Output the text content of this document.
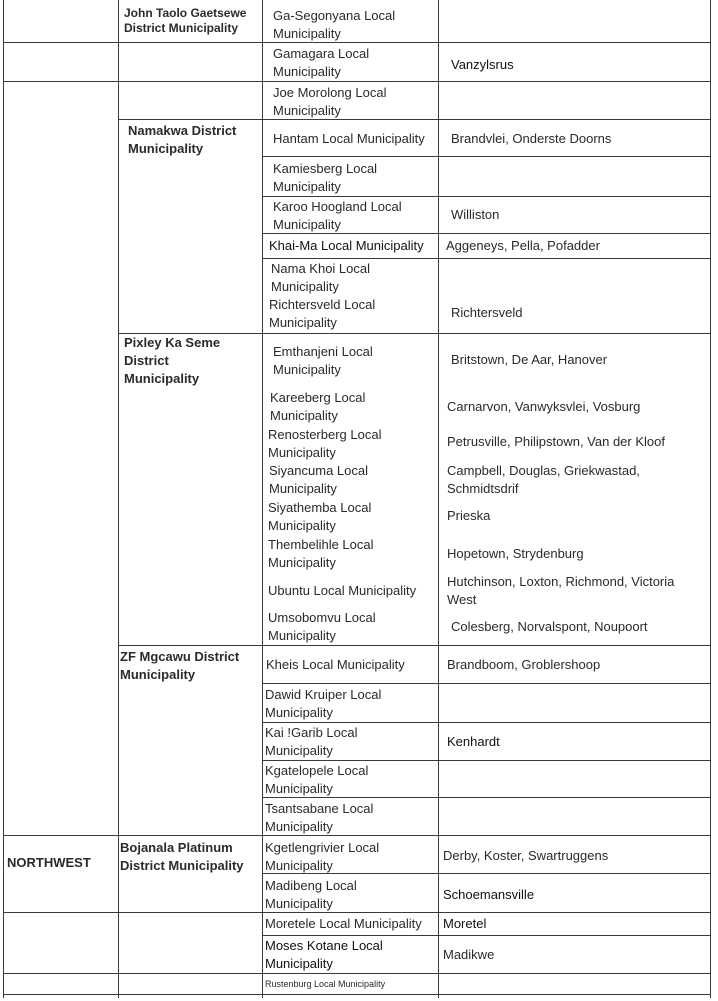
NORTHWEST
John Taolo Gaetsewe District Municipality
Namakwa District Municipality
Pixley Ka Seme District Municipality
ZF Mgcawu District Municipality
Bojanala Platinum District Municipality
Ga-Segonyana Local Municipality
Gamagara Local Municipality
Joe Morolong Local Municipality
Hantam Local Municipality
Kamiesberg Local Municipality
Karoo Hoogland Local Municipality
Khai-Ma Local Municipality
Nama Khoi Local Municipality
Richtersveld Local Municipality
Emthanjeni Local Municipality
Kareeberg Local Municipality
Renosterberg Local Municipality
Siyancuma Local Municipality
Siyathemba Local Municipality
Thembelihle Local Municipality
Ubuntu Local Municipality
Umsobomvu Local Municipality
Kheis Local Municipality
Dawid Kruiper Local Municipality
Kai !Garib Local Municipality
Kgatelopele Local Municipality
Tsantsabane Local Municipality
Kgetlengrivier Local Municipality
Madibeng Local Municipality
Moretele Local Municipality
Moses Kotane Local Municipality
Rustenburg Local Municipality
Vanzylsrus
Brandvlei, Onderste Doorns
Williston
Aggeneys, Pella, Pofadder
Richtersveld
Britstown, De Aar, Hanover
Carnarvon, Vanwyksvlei, Vosburg
Petrusville, Philipstown, Van der Kloof
Campbell, Douglas, Griekwastad, Schmidtsdrif
Prieska
Hopetown, Strydenburg
Hutchinson, Loxton, Richmond, Victoria West
Colesberg, Norvalspont, Noupoort
Brandboom, Groblershoop
Kenhardt
Derby, Koster, Swartruggens
Schoemansville
Moretel
Madikwe
